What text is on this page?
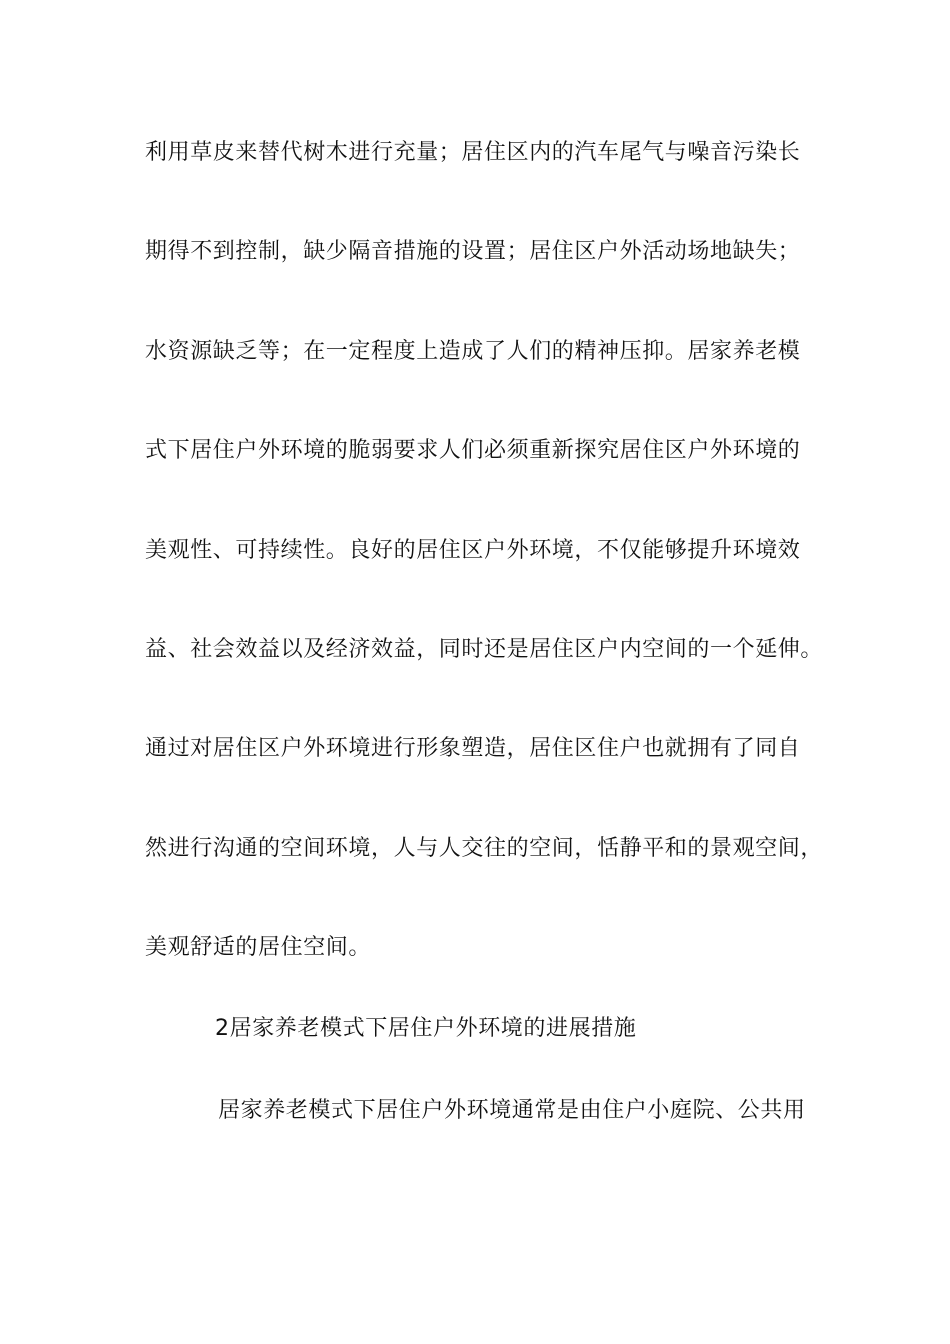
利用草皮来替代树木进行充量；居住区内的汽车尾气与噪音污染长
期得不到控制，缺少隔音措施的设置；居住区户外活动场地缺失；
水资源缺乏等；在一定程度上造成了人们的精神压抑。居家养老模
式下居住户外环境的脆弱要求人们必须重新探究居住区户外环境的
美观性、可持续性。良好的居住区户外环境，不仅能够提升环境效
益、社会效益以及经济效益，同时还是居住区户内空间的一个延伸。
通过对居住区户外环境进行形象塑造，居住区住户也就拥有了同自
然进行沟通的空间环境，人与人交往的空间，恬静平和的景观空间，
美观舒适的居住空间。
2居家养老模式下居住户外环境的进展措施
居家养老模式下居住户外环境通常是由住户小庭院、公共用
